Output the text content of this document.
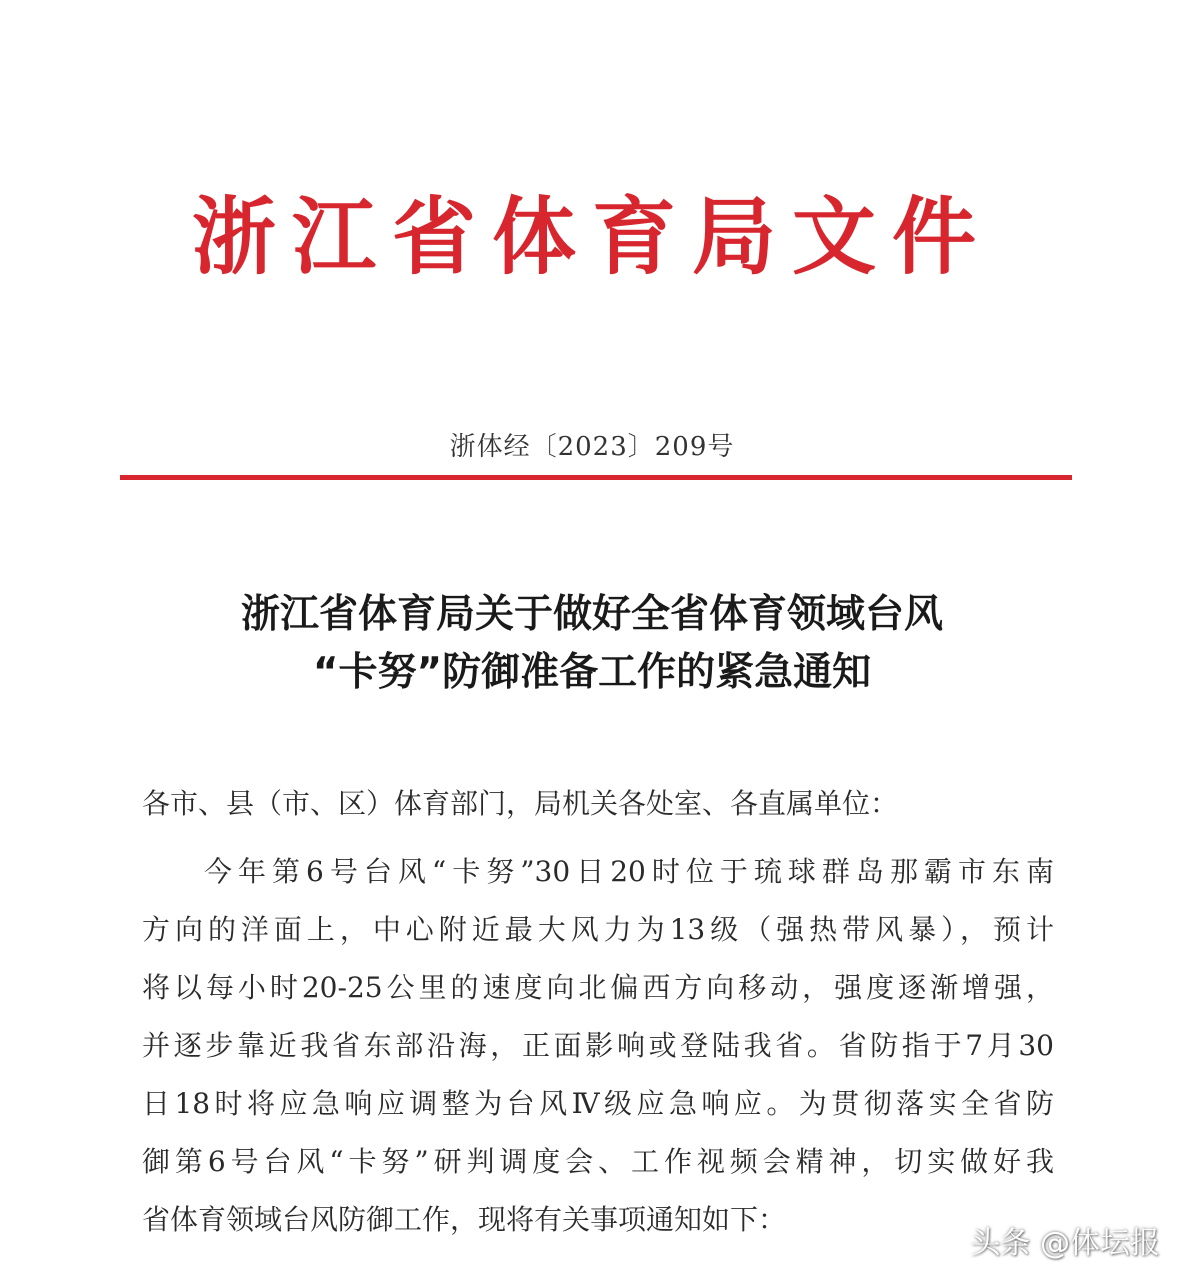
浙江省体育局文件
浙体经〔2023〕209号
浙江省体育局关于做好全省体育领域台风
“卡努”防御准备工作的紧急通知
各市、县（市、区）体育部门，局机关各处室、各直属单位：
今年第6号台风“卡努”30日20时位于琉球群岛那霸市东南
方向的洋面上，中心附近最大风力为13级（强热带风暴），预计
将以每小时20-25公里的速度向北偏西方向移动，强度逐渐增强，
并逐步靠近我省东部沿海，正面影响或登陆我省。省防指于7月30
日18时将应急响应调整为台风Ⅳ级应急响应。为贯彻落实全省防
御第6号台风“卡努”研判调度会、工作视频会精神，切实做好我
省体育领域台风防御工作，现将有关事项通知如下：
头条 @体坛报
